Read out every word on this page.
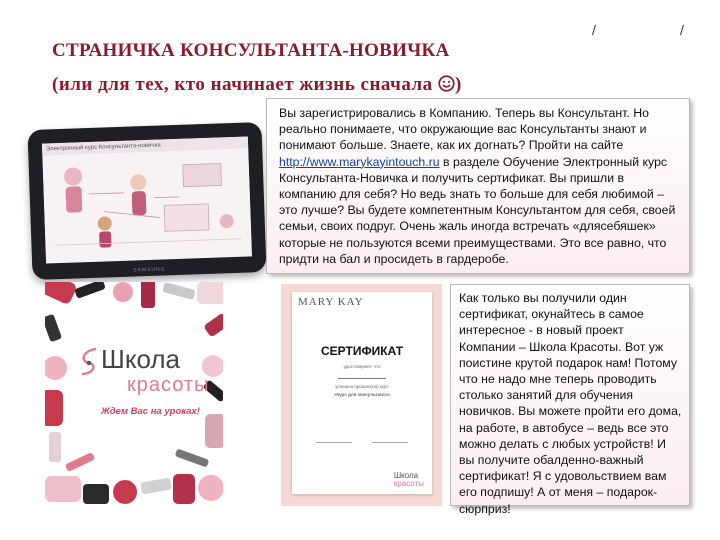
СТРАНИЧКА КОНСУЛЬТАНТА-НОВИЧКА

(или для тех, кто начинает жизнь сначала )

/	/
Электронный курс Консультанта-новичка
SAMSUNG
Вы зарегистрировались в Компанию. Теперь вы Консультант. Но реально понимаете, что окружающие вас Консультанты знают и понимают больше. Знаете, как их догнать? Пройти на сайте http://www.marykayintouch.ru в разделе Обучение Электронный курс Консультанта-Новичка и получить сертификат. Вы пришли в компанию для себя? Но ведь знать то больше для себя любимой – это лучше? Вы будете компетентным Консультантом для себя, своей семьи, своих подруг. Очень жаль иногда встречать «длясебяшек» которые не пользуются всеми преимуществами. Это все равно, что придти на бал и просидеть в гардеробе.
Школа
красоты
Ждем Вас на уроках!
MARY KAY
СЕРТИФИКАТ
удостоверяет, что
успешно прошел(ла) курс
«Курс для консультанта»
Школа
красоты
Как только вы получили один сертификат, окунайтесь в самое интересное - в новый проект Компании – Школа Красоты. Вот уж поистине крутой подарок нам! Потому что не надо мне теперь проводить столько занятий для обучения новичков. Вы можете пройти его дома, на работе, в автобусе – ведь все это можно делать с любых устройств! И вы получите обалденно-важный сертификат! Я с удовольствием вам его подпишу! А от меня – подарок-сюрприз!
